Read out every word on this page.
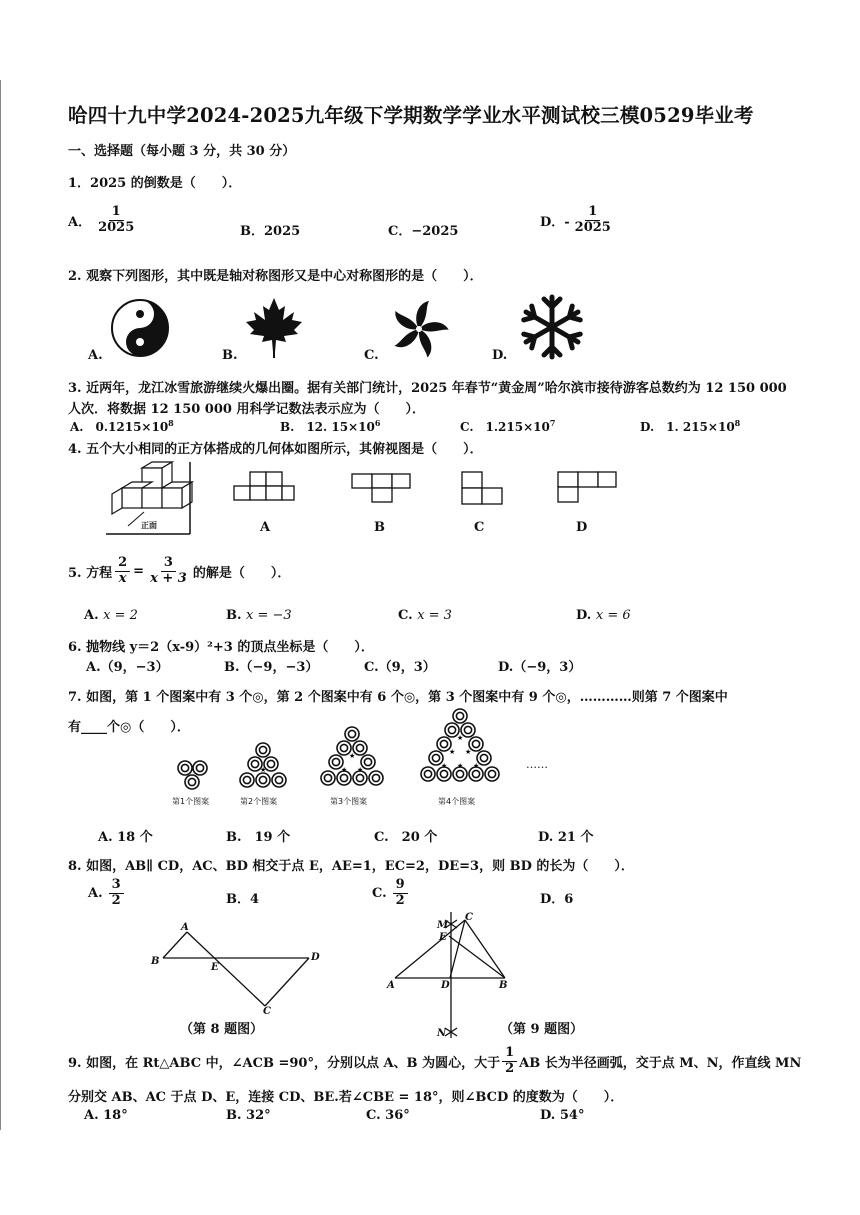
哈四十九中学2024-2025九年级下学期数学学业水平测试校三模0529毕业考
一、选择题（每小题 3 分，共 30 分）
1．2025 的倒数是（　　）．
A． $\frac{1}{2025}$	B．2025	C．−2025
D．- $\frac{1}{2025}$
2. 观察下列图形，其中既是轴对称图形又是中心对称图形的是（　　）．
A.	B.	C.	D.
3. 近两年，龙江冰雪旅游继续火爆出圈。据有关部门统计，2025 年春节“黄金周”哈尔滨市接待游客总数约为 12 150 000
人次．将数据 12 150 000 用科学记数法表示应为（　　）．
A.　$0.1215\times 10^8$	B.　12. $15\times 10^6$	C.　$1.215\times 10^7$	D.　1. $215\times 10^8$
4. 五个大小相同的正方体搭成的几何体如图所示，其俯视图是（　　）．
正面	A	B	C	D
5. 方程 $\frac{2}{x} = \frac{3}{x + 3}$ 的解是（　　）．
A. x = 2	B. x = −3	C. x = 3	D. x = 6
6. 抛物线 y＝2（x-9）²+3 的顶点坐标是（　　）．
A.（9，−3）	B.（−9，−3）	C.（9，3）	D.（−9，3）
7. 如图，第 1 个图案中有 3 个◎，第 2 个图案中有 6 个◎，第 3 个图案中有 9 个◎，…………则第 7 个图案中
有____个◎（　　）．
★
★
★ ★
★
★ ★
★ ★ ★	……
第1个图案	第2个图案	第3个图案	第4个图案
A. 18 个	B.　19 个	C.　20 个	D. 21 个
8. 如图，AB∥ CD，AC、BD 相交于点 E，AE=1，EC=2，DE=3，则 BD 的长为（　　）．
A. $\frac{3}{2}$	B．4	C. $\frac{9}{2}$	D．6
A
B
E
D
C
M
C
E
A	D	B
N
（第 8 题图）	（第 9 题图）
9. 如图，在 Rt△ABC 中，∠ACB =90°，分别以点 A、B 为圆心，大于 $\frac{1}{2}$ AB 长为半径画弧，交于点 M、N，作直线 MN
分别交 AB、AC 于点 D、E，连接 CD、BE.若∠CBE = 18°，则∠BCD 的度数为（　　）．
A. 18°	B. 32°	C. 36°	D. 54°
